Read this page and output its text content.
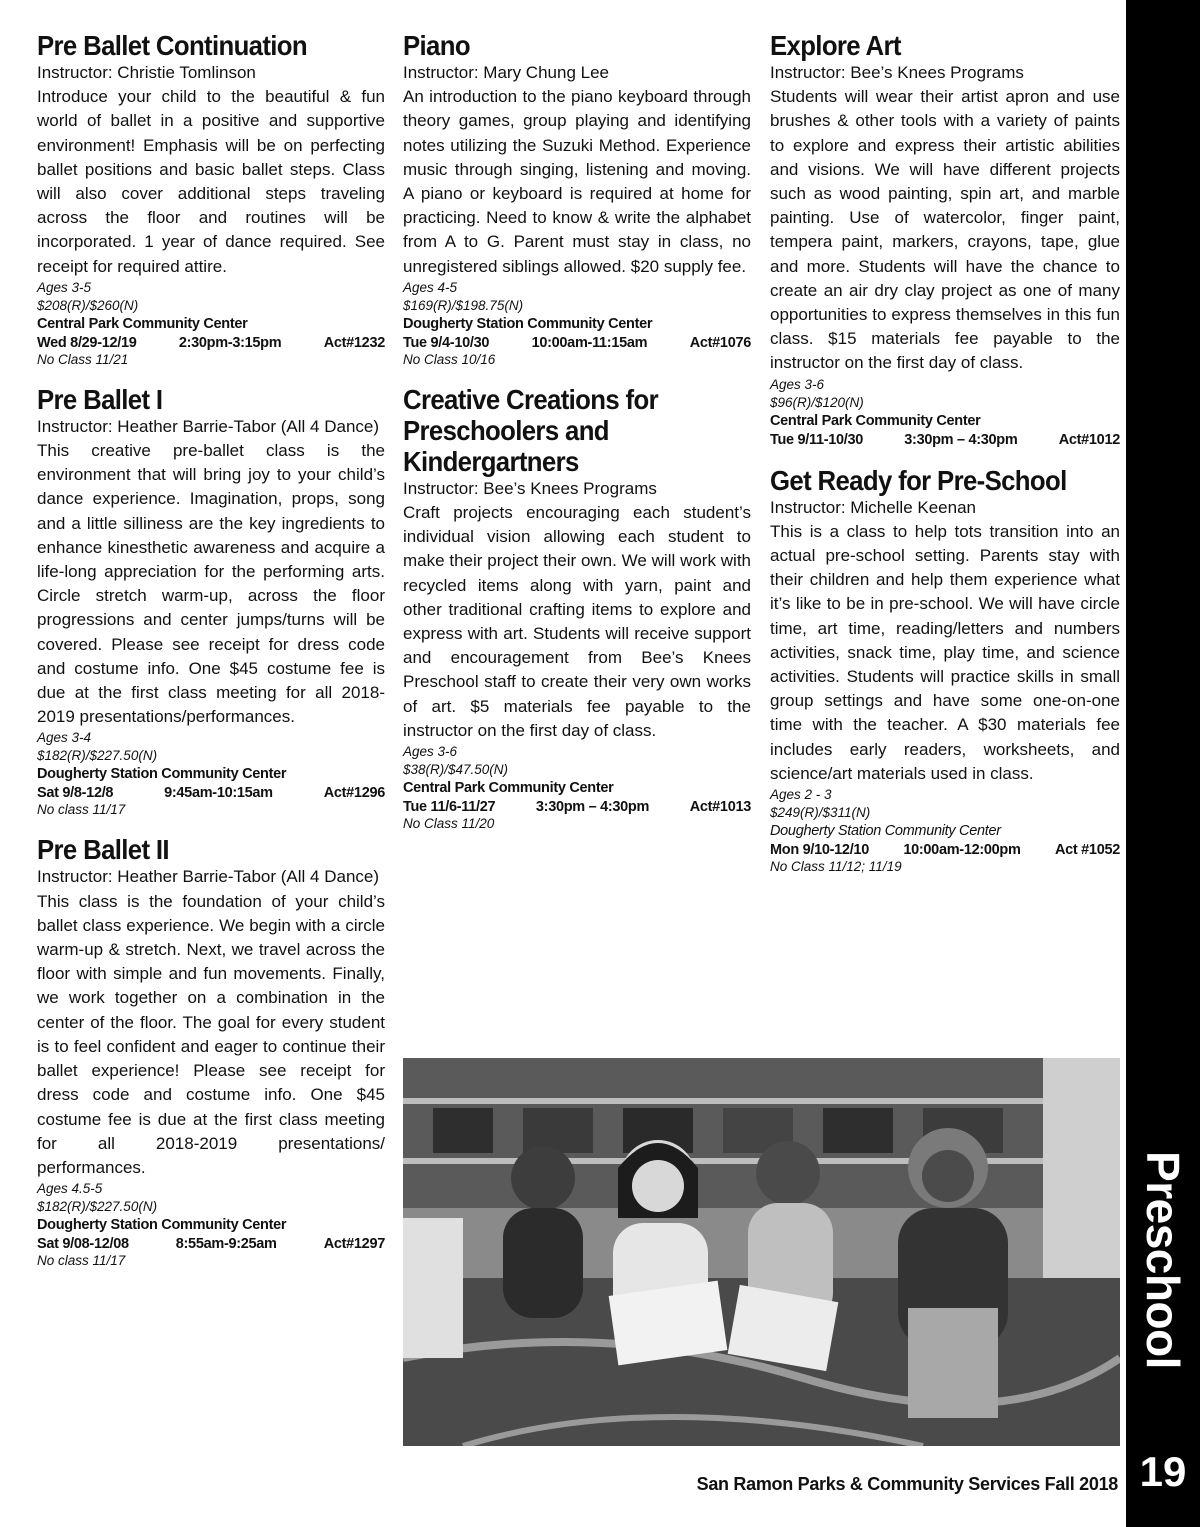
Pre Ballet Continuation

Instructor: Christie Tomlinson

Introduce your child to the beautiful & fun world of ballet in a positive and supportive environment! Emphasis will be on perfecting ballet positions and basic ballet steps. Class will also cover additional steps traveling across the floor and routines will be incorporated. 1 year of dance required. See receipt for required attire.

Ages 3-5

$208(R)/$260(N)

Central Park Community Center

Wed 8/29-12/19	2:30pm-3:15pm	Act#1232

No Class 11/21

Pre Ballet I

Instructor: Heather Barrie-Tabor (All 4 Dance)

This creative pre-ballet class is the environment that will bring joy to your child’s dance experience. Imagination, props, song and a little silliness are the key ingredients to enhance kinesthetic awareness and acquire a life-long appreciation for the performing arts. Circle stretch warm-up, across the floor progressions and center jumps/turns will be covered. Please see receipt for dress code and costume info. One $45 costume fee is due at the first class meeting for all 2018-2019 presentations/performances.

Ages 3-4

$182(R)/$227.50(N)

Dougherty Station Community Center

Sat 9/8-12/8	9:45am-10:15am	Act#1296

No class 11/17

Pre Ballet II

Instructor: Heather Barrie-Tabor (All 4 Dance)

This class is the foundation of your child’s ballet class experience. We begin with a circle warm-up & stretch. Next, we travel across the floor with simple and fun movements. Finally, we work together on a combination in the center of the floor. The goal for every student is to feel confident and eager to continue their ballet experience! Please see receipt for dress code and costume info. One $45 costume fee is due at the first class meeting for all 2018-2019 presentations/ performances.

Ages 4.5-5

$182(R)/$227.50(N)

Dougherty Station Community Center

Sat 9/08-12/08	8:55am-9:25am	Act#1297

No class 11/17

Piano

Instructor: Mary Chung Lee

An introduction to the piano keyboard through theory games, group playing and identifying notes utilizing the Suzuki Method. Experience music through singing, listening and moving. A piano or keyboard is required at home for practicing. Need to know & write the alphabet from A to G. Parent must stay in class, no unregistered siblings allowed. $20 supply fee.

Ages 4-5

$169(R)/$198.75(N)

Dougherty Station Community Center

Tue 9/4-10/30	10:00am-11:15am	Act#1076

No Class 10/16

Creative Creations for Preschoolers and Kindergartners

Instructor: Bee’s Knees Programs

Craft projects encouraging each student’s individual vision allowing each student to make their project their own. We will work with recycled items along with yarn, paint and other traditional crafting items to explore and express with art. Students will receive support and encouragement from Bee’s Knees Preschool staff to create their very own works of art. $5 materials fee payable to the instructor on the first day of class.

Ages 3-6

$38(R)/$47.50(N)

Central Park Community Center

Tue 11/6-11/27	3:30pm – 4:30pm	Act#1013

No Class 11/20

Explore Art

Instructor: Bee’s Knees Programs

Students will wear their artist apron and use brushes & other tools with a variety of paints to explore and express their artistic abilities and visions. We will have different projects such as wood painting, spin art, and marble painting. Use of watercolor, finger paint, tempera paint, markers, crayons, tape, glue and more. Students will have the chance to create an air dry clay project as one of many opportunities to express themselves in this fun class. $15 materials fee payable to the instructor on the first day of class.

Ages 3-6

$96(R)/$120(N)

Central Park Community Center

Tue 9/11-10/30	3:30pm – 4:30pm	Act#1012
Get Ready for Pre-School

Instructor: Michelle Keenan

This is a class to help tots transition into an actual pre-school setting. Parents stay with their children and help them experience what it’s like to be in pre-school. We will have circle time, art time, reading/letters and numbers activities, snack time, play time, and science activities. Students will practice skills in small group settings and have some one-on-one time with the teacher. A $30 materials fee includes early readers, worksheets, and science/art materials used in class.

Ages 2 - 3

$249(R)/$311(N)

Dougherty Station Community Center

Mon 9/10-12/10 10:00am-12:00pm Act #1052

No Class 11/12; 11/19

Preschool
19
San Ramon Parks & Community Services Fall 2018
